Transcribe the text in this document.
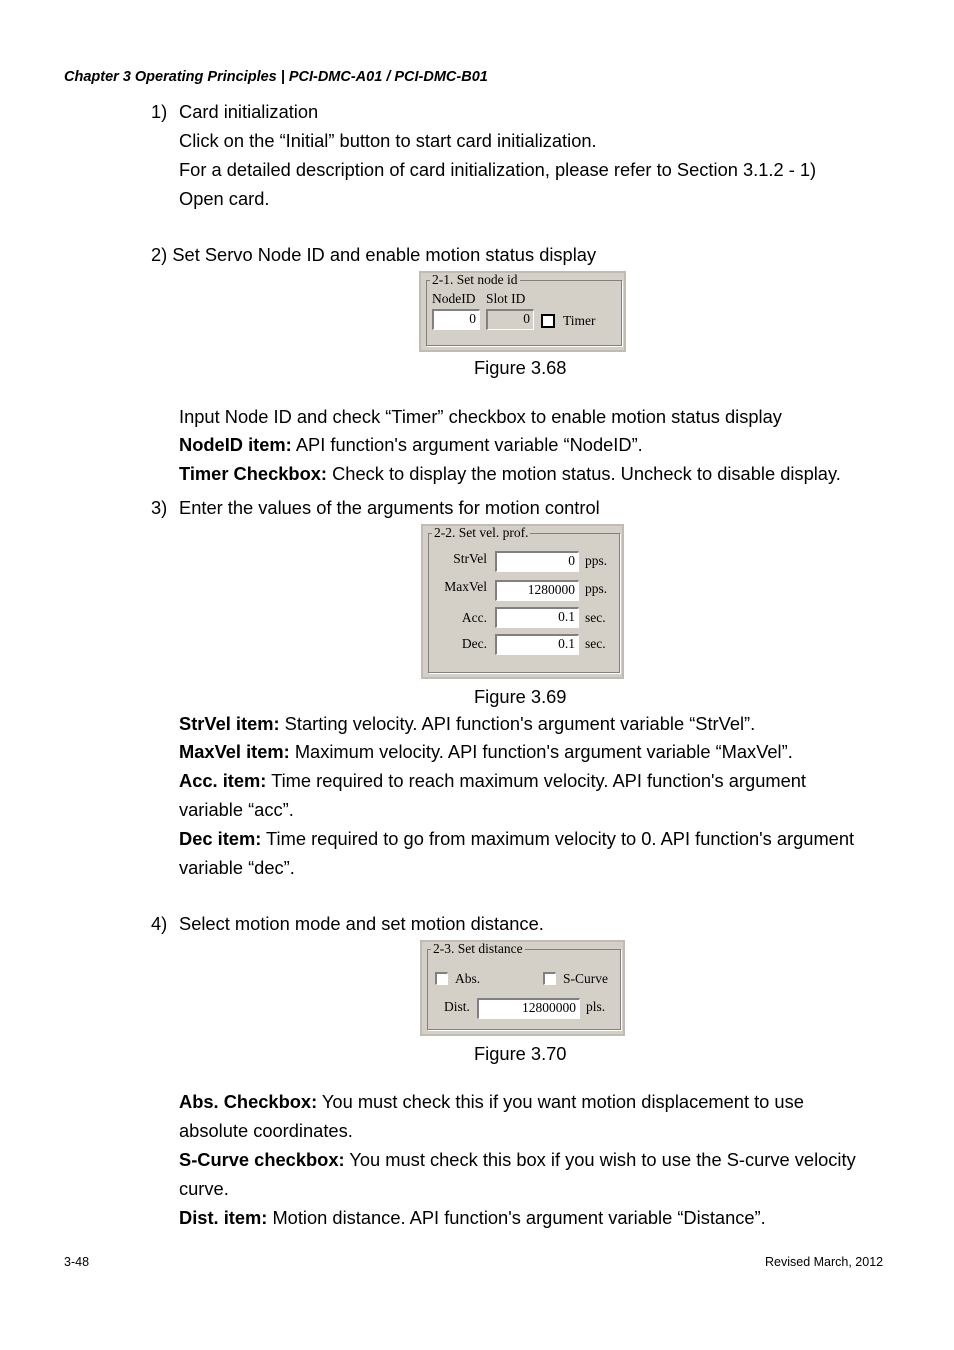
Chapter 3 Operating Principles | PCI-DMC-A01 / PCI-DMC-B01
1) Card initialization
Click on the “Initial” button to start card initialization.
For a detailed description of card initialization, please refer to Section 3.1.2 - 1)
Open card.
2) Set Servo Node ID and enable motion status display
2-1. Set node id
NodeID Slot ID
0	0 Timer
Figure 3.68
Input Node ID and check “Timer” checkbox to enable motion status display
NodeID item: API function's argument variable “NodeID”.
Timer Checkbox: Check to display the motion status. Uncheck to disable display.
3) Enter the values of the arguments for motion control
2-2. Set vel. prof.
StrVel	0 pps.
MaxVel	1280000 pps.
Acc.	0.1 sec.
Dec.	0.1 sec.
Figure 3.69
StrVel item: Starting velocity. API function's argument variable “StrVel”.
MaxVel item: Maximum velocity. API function's argument variable “MaxVel”.
Acc. item: Time required to reach maximum velocity. API function's argument
variable “acc”.
Dec item: Time required to go from maximum velocity to 0. API function's argument
variable “dec”.
4) Select motion mode and set motion distance.
2-3. Set distance
Abs.	S-Curve
Dist.	12800000 pls.
Figure 3.70
Abs. Checkbox: You must check this if you want motion displacement to use
absolute coordinates.
S-Curve checkbox: You must check this box if you wish to use the S-curve velocity
curve.
Dist. item: Motion distance. API function's argument variable “Distance”.
3-48	Revised March, 2012
